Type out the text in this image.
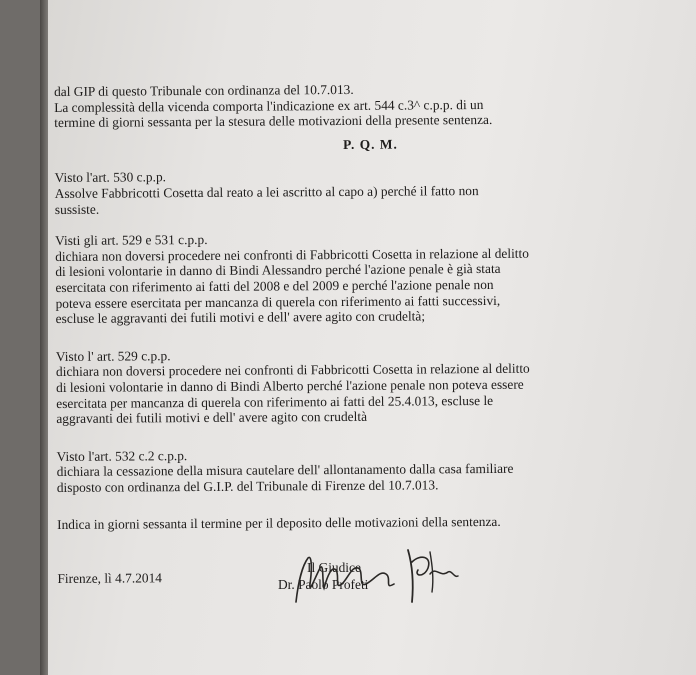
dal GIP di questo Tribunale con ordinanza del 10.7.013.
La complessità della vicenda comporta l'indicazione ex art. 544 c.3^ c.p.p. di un
termine di giorni sessanta per la stesura delle motivazioni della presente sentenza.
P. Q. M.
Visto l'art. 530 c.p.p.
Assolve Fabbricotti Cosetta dal reato a lei ascritto al capo a) perché il fatto non
sussiste.
Visti gli art. 529 e 531 c.p.p.
dichiara non doversi procedere nei confronti di Fabbricotti Cosetta in relazione al delitto
di lesioni volontarie in danno di Bindi Alessandro perché l'azione penale è già stata
esercitata con riferimento ai fatti del 2008 e del 2009 e perché l'azione penale non
poteva essere esercitata per mancanza di querela con riferimento ai fatti successivi,
escluse le aggravanti dei futili motivi e dell' avere agito con crudeltà;
Visto l' art. 529 c.p.p.
dichiara non doversi procedere nei confronti di Fabbricotti Cosetta in relazione al delitto
di lesioni volontarie in danno di Bindi Alberto perché l'azione penale non poteva essere
esercitata per mancanza di querela con riferimento ai fatti del 25.4.013, escluse le
aggravanti dei futili motivi e dell' avere agito con crudeltà
Visto l'art. 532 c.2 c.p.p.
dichiara la cessazione della misura cautelare dell' allontanamento dalla casa familiare
disposto con ordinanza del G.I.P. del Tribunale di Firenze del 10.7.013.
Indica in giorni sessanta il termine per il deposito delle motivazioni della sentenza.
Firenze, lì 4.7.2014
Il Giudice
Dr. Paolo Profeti
